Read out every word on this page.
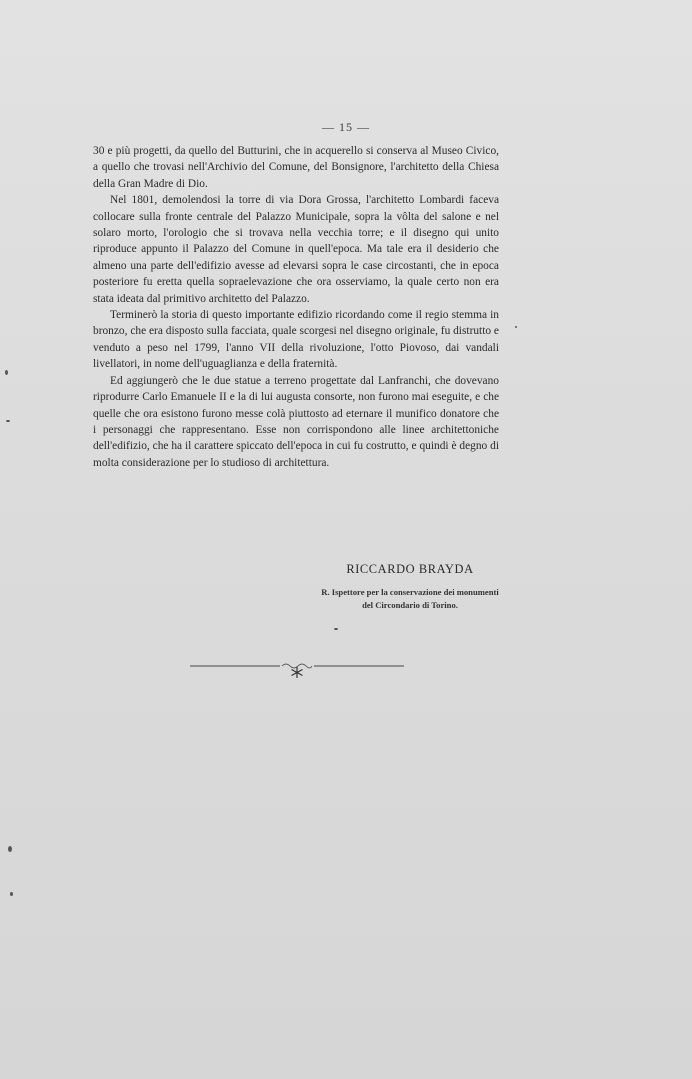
— 15 —

30 e più progetti, da quello del Butturini, che in acquerello si conserva al Museo Civico, a quello che trovasi nell'Archivio del Comune, del Bonsignore, l'architetto della Chiesa della Gran Madre di Dio.

Nel 1801, demolendosi la torre di via Dora Grossa, l'architetto Lombardi faceva collocare sulla fronte centrale del Palazzo Municipale, sopra la vôlta del salone e nel solaro morto, l'orologio che si trovava nella vecchia torre; e il disegno qui unito riproduce appunto il Palazzo del Comune in quell'epoca. Ma tale era il desiderio che almeno una parte dell'edifizio avesse ad elevarsi sopra le case circostanti, che in epoca posteriore fu eretta quella sopraelevazione che ora osserviamo, la quale certo non era stata ideata dal primitivo architetto del Palazzo.

Terminerò la storia di questo importante edifizio ricordando come il regio stemma in bronzo, che era disposto sulla facciata, quale scorgesi nel disegno originale, fu distrutto e venduto a peso nel 1799, l'anno VII della rivoluzione, l'otto Piovoso, dai vandali livellatori, in nome dell'uguaglianza e della fraternità.

Ed aggiungerò che le due statue a terreno progettate dal Lanfranchi, che dovevano riprodurre Carlo Emanuele II e la di lui augusta consorte, non furono mai eseguite, e che quelle che ora esistono furono messe colà piuttosto ad eternare il munifico donatore che i personaggi che rappresentano. Esse non corrispondono alle linee architettoniche dell'edifizio, che ha il carattere spiccato dell'epoca in cui fu costrutto, e quindi è degno di molta considerazione per lo studioso di architettura.

RICCARDO BRAYDA
R. Ispettore per la conservazione dei monumenti
del Circondario di Torino.
